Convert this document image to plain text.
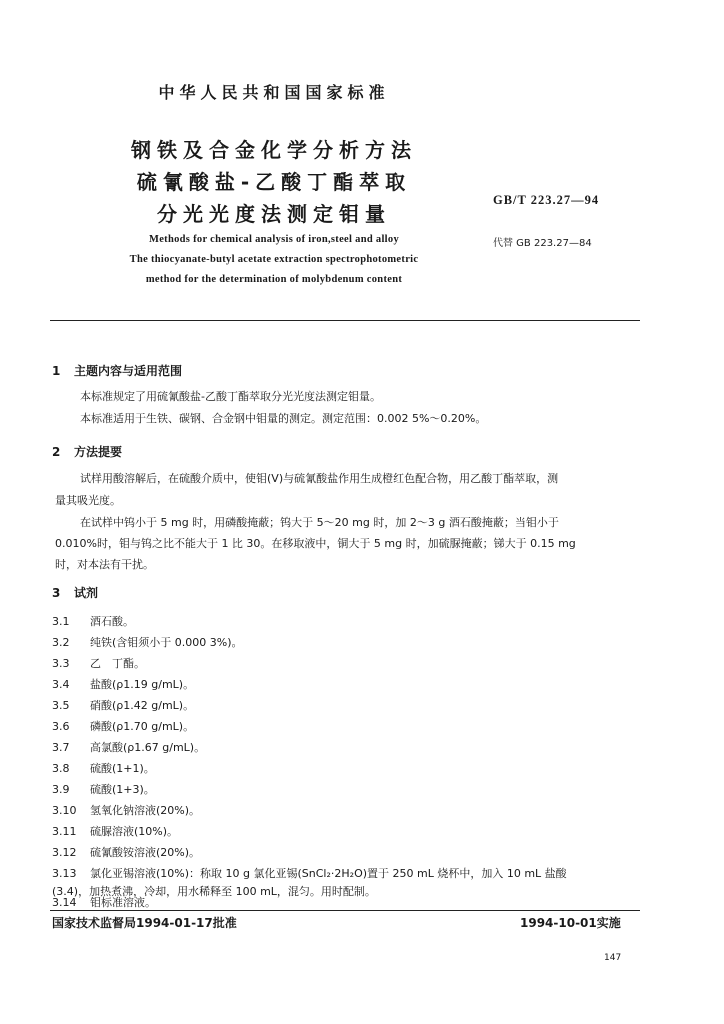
中华人民共和国国家标准
钢铁及合金化学分析方法
硫氰酸盐-乙酸丁酯萃取
分光光度法测定钼量
GB/T 223.27—94
代替 GB 223.27—84
Methods for chemical analysis of iron,steel and alloy
The thiocyanate-butyl acetate extraction spectrophotometric
method for the determination of molybdenum content
1 主题内容与适用范围
本标准规定了用硫氰酸盐-乙酸丁酯萃取分光光度法测定钼量。
本标准适用于生铁、碳钢、合金钢中钼量的测定。测定范围：0.002 5%～0.20%。
2 方法提要
试样用酸溶解后，在硫酸介质中，使钼(V)与硫氰酸盐作用生成橙红色配合物，用乙酸丁酯萃取，测
量其吸光度。
在试样中钨小于 5 mg 时，用磷酸掩蔽；钨大于 5～20 mg 时，加 2～3 g 酒石酸掩蔽；当钼小于
0.010%时，钼与钨之比不能大于 1 比 30。在移取液中，铜大于 5 mg 时，加硫脲掩蔽；锑大于 0.15 mg
时，对本法有干扰。
3 试剂
3.1 酒石酸。
3.2 纯铁(含钼须小于 0.000 3%)。
3.3 乙　丁酯。
3.4 盐酸(ρ1.19 g/mL)。
3.5 硝酸(ρ1.42 g/mL)。
3.6 磷酸(ρ1.70 g/mL)。
3.7 高氯酸(ρ1.67 g/mL)。
3.8 硫酸(1+1)。
3.9 硫酸(1+3)。
3.10 氢氧化钠溶液(20%)。
3.11 硫脲溶液(10%)。
3.12 硫氰酸铵溶液(20%)。
3.13 氯化亚锡溶液(10%)：称取 10 g 氯化亚锡(SnCl₂·2H₂O)置于 250 mL 烧杯中，加入 10 mL 盐酸
(3.4)，加热煮沸，冷却，用水稀释至 100 mL，混匀。用时配制。
3.14 钼标准溶液。
国家技术监督局1994-01-17批准	1994-10-01实施
147
